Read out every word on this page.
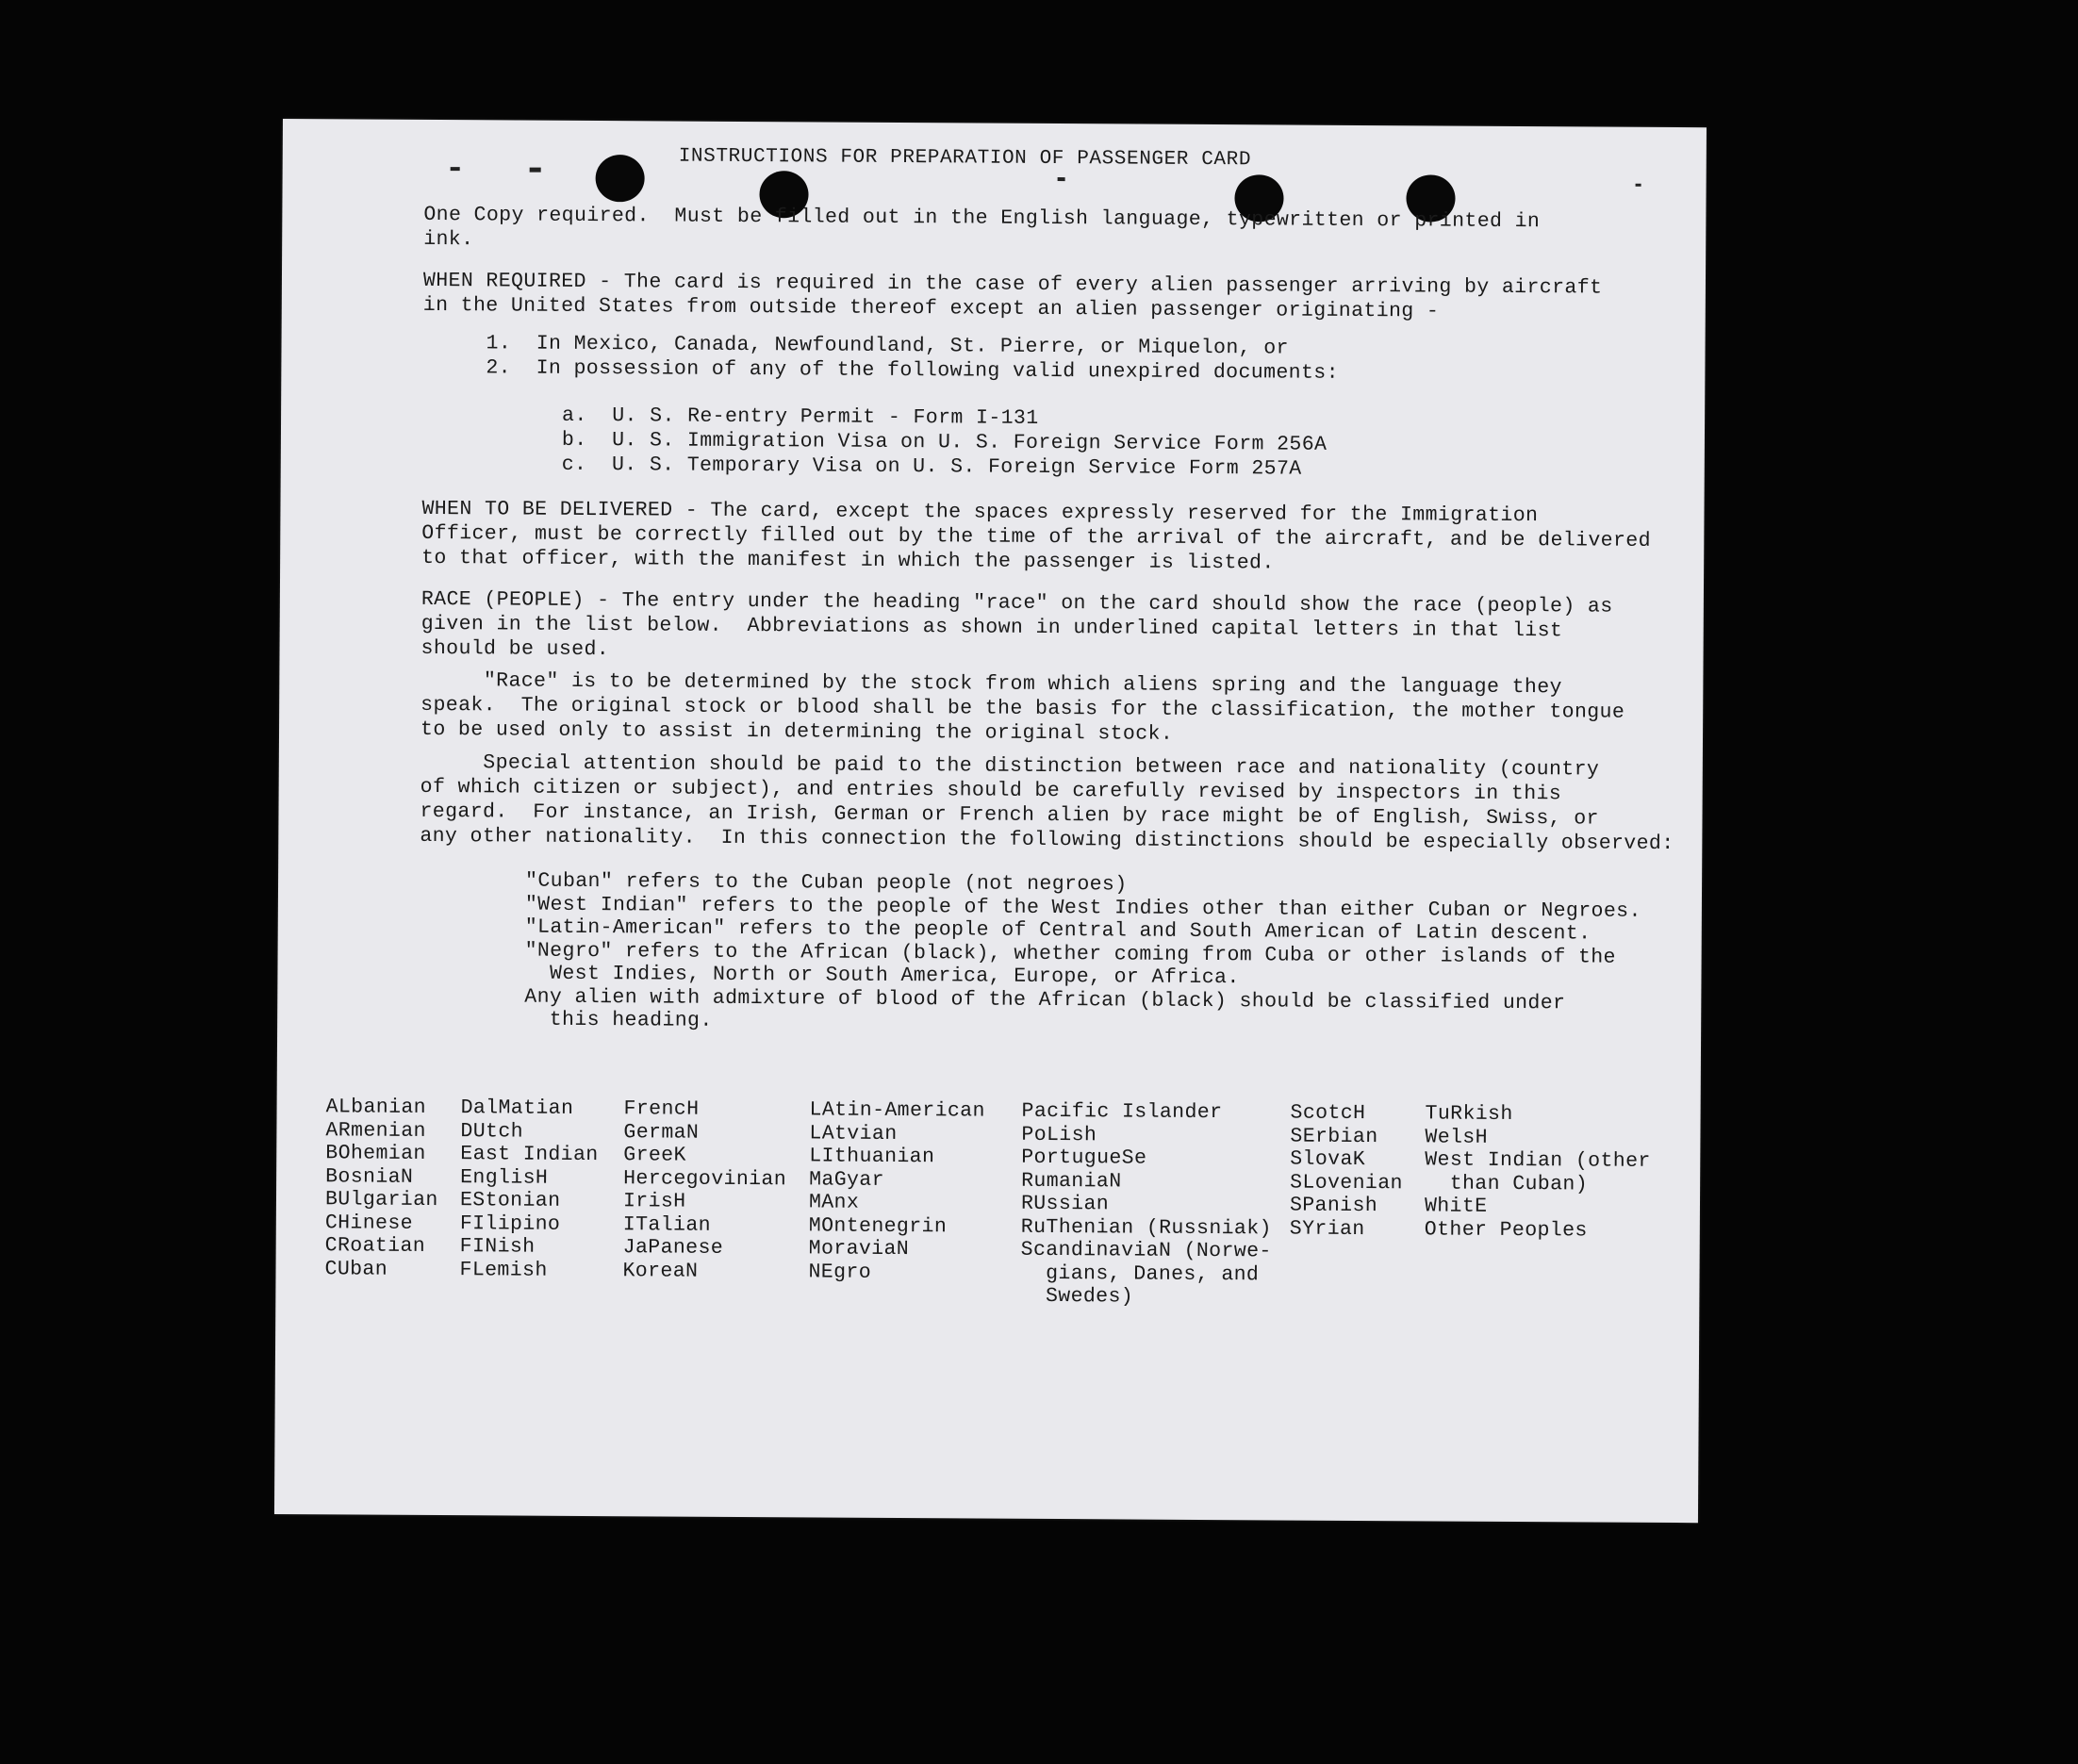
INSTRUCTIONS FOR PREPARATION OF PASSENGER CARD

One Copy required.  Must be filled out in the English language, typewritten or printed in
ink.

WHEN REQUIRED - The card is required in the case of every alien passenger arriving by aircraft
in the United States from outside thereof except an alien passenger originating -

1.  In Mexico, Canada, Newfoundland, St. Pierre, or Miquelon, or
2.  In possession of any of the following valid unexpired documents:

a.  U. S. Re-entry Permit - Form I-131
b.  U. S. Immigration Visa on U. S. Foreign Service Form 256A
c.  U. S. Temporary Visa on U. S. Foreign Service Form 257A

WHEN TO BE DELIVERED - The card, except the spaces expressly reserved for the Immigration
Officer, must be correctly filled out by the time of the arrival of the aircraft, and be delivered
to that officer, with the manifest in which the passenger is listed.

RACE (PEOPLE) - The entry under the heading "race" on the card should show the race (people) as
given in the list below.  Abbreviations as shown in underlined capital letters in that list
should be used.

"Race" is to be determined by the stock from which aliens spring and the language they
speak.  The original stock or blood shall be the basis for the classification, the mother tongue
to be used only to assist in determining the original stock.

Special attention should be paid to the distinction between race and nationality (country
of which citizen or subject), and entries should be carefully revised by inspectors in this
regard.  For instance, an Irish, German or French alien by race might be of English, Swiss, or
any other nationality.  In this connection the following distinctions should be especially observed:

"Cuban" refers to the Cuban people (not negroes)
"West Indian" refers to the people of the West Indies other than either Cuban or Negroes.
"Latin-American" refers to the people of Central and South American of Latin descent.
"Negro" refers to the African (black), whether coming from Cuba or other islands of the
West Indies, North or South America, Europe, or Africa.
Any alien with admixture of blood of the African (black) should be classified under
this heading.

ALbanian
ARmenian
BOhemian
BosniaN
BUlgarian
CHinese
CRoatian
CUban
DalMatian
DUtch
East Indian
EnglisH
EStonian
FIlipino
FINish
FLemish
FrencH
GermaN
GreeK
Hercegovinian
IrisH
ITalian
JaPanese
KoreaN
LAtin-American
LAtvian
LIthuanian
MaGyar
MAnx
MOntenegrin
MoraviaN
NEgro
Pacific Islander
PoLish
PortugueSe
RumaniaN
RUssian
RuThenian (Russniak)
ScandinaviaN (Norwe-
gians, Danes, and
Swedes)
ScotcH
SErbian
SlovaK
SLovenian
SPanish
SYrian
TuRkish
WelsH
West Indian (other
than Cuban)
WhitE
Other Peoples
